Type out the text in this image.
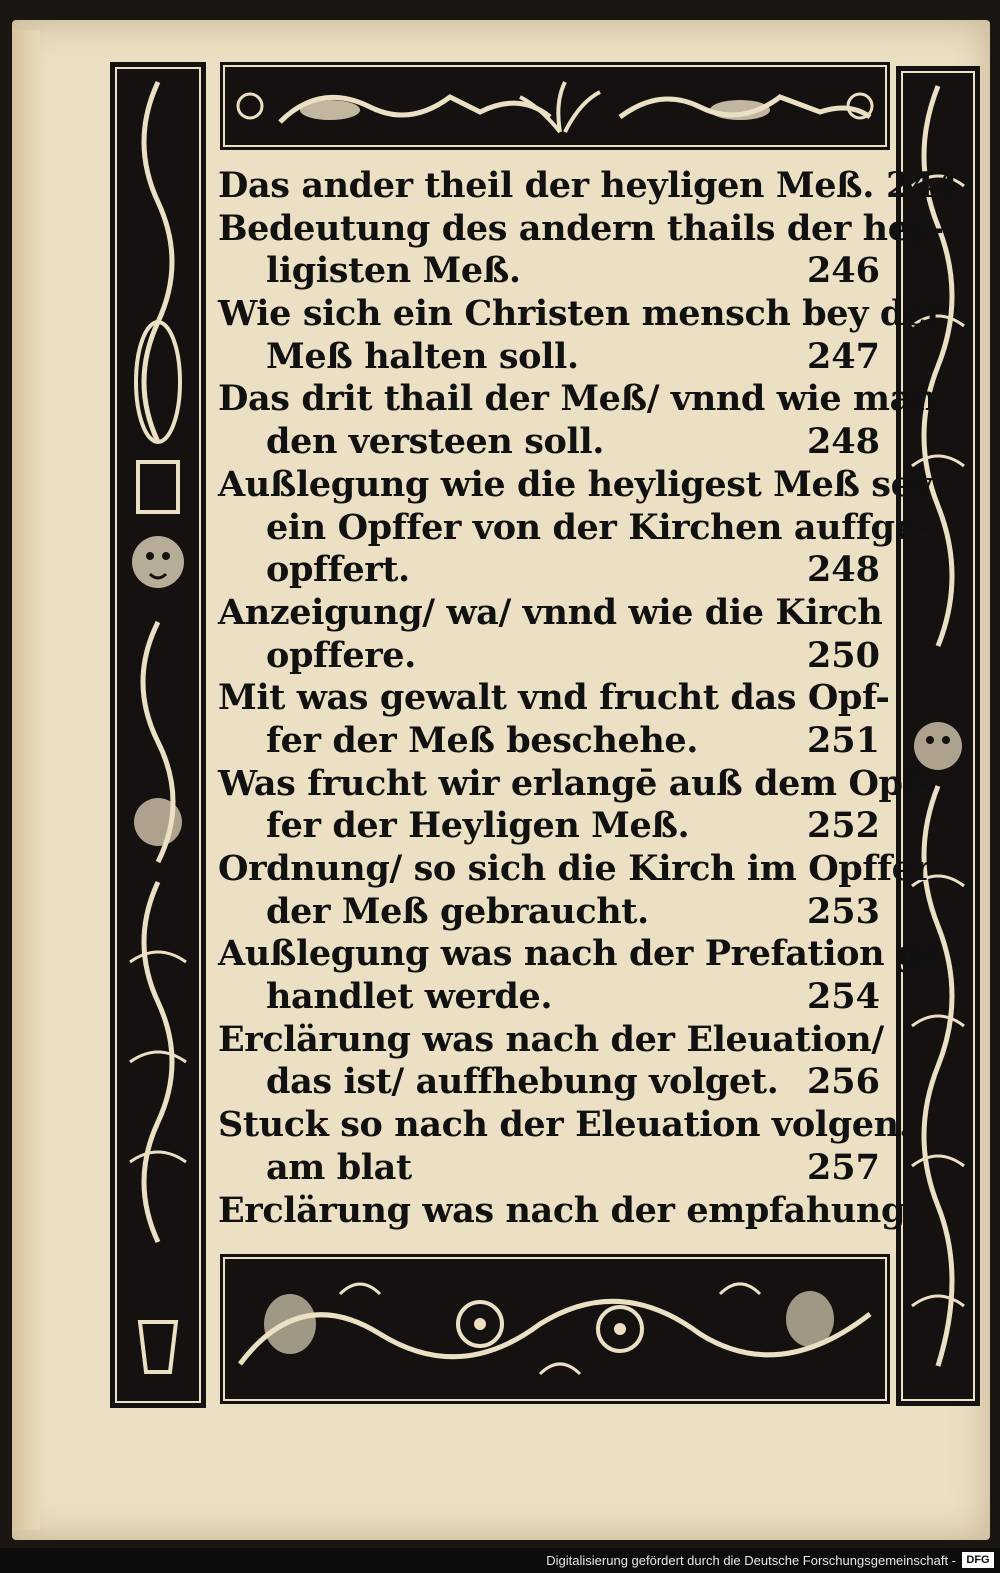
Das ander theil der heyligen Meß. 244
Bedeutung des andern thails der hey-
ligisten Meß.	246
Wie sich ein Christen mensch bey der
Meß halten soll.	247
Das drit thail der Meß/ vnnd wie man
den versteen soll.	248
Außlegung wie die heyligest Meß sey
ein Opffer von der Kirchen auffge-
opffert.	248
Anzeigung/ wa/ vnnd wie die Kirch
opffere.	250
Mit was gewalt vnd frucht das Opf-
fer der Meß beschehe.	251
Was frucht wir erlangē auß dem Opf-
fer der Heyligen Meß.	252
Ordnung/ so sich die Kirch im Opffer
der Meß gebraucht.	253
Außlegung was nach der Prefation ge
handlet werde.	254
Erclärung was nach der Eleuation/
das ist/ auffhebung volget. 256
Stuck so nach der Eleuation volgen.
am blat	257
Erclärung was nach der empfahung
Digitalisierung gefördert durch die Deutsche Forschungsgemeinschaft - DFG
